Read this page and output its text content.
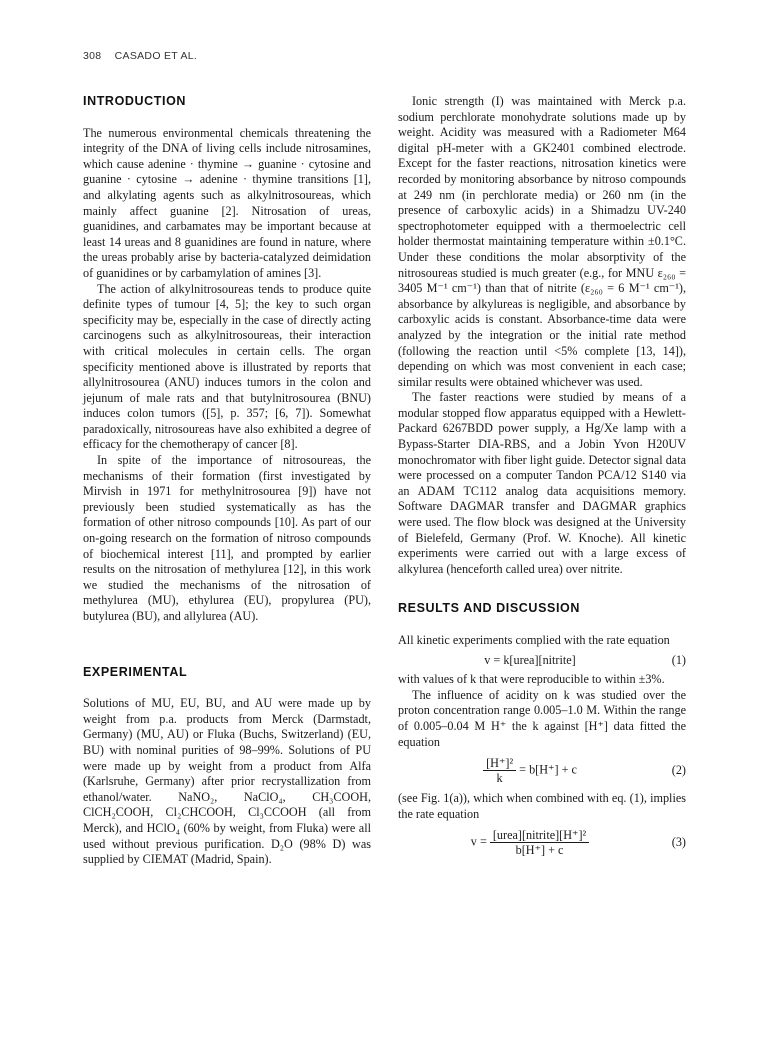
308 CASADO ET AL.
INTRODUCTION

The numerous environmental chemicals threatening the integrity of the DNA of living cells include nitrosamines, which cause adenine · thymine → guanine · cytosine and guanine · cytosine → adenine · thymine transitions [1], and alkylating agents such as alkylnitrosoureas, which mainly affect guanine [2]. Nitrosation of ureas, guanidines, and carbamates may be important because at least 14 ureas and 8 guanidines are found in nature, where the ureas probably arise by bacteria-catalyzed deimidation of guanidines or by carbamylation of amines [3].

The action of alkylnitrosoureas tends to produce quite definite types of tumour [4, 5]; the key to such organ specificity may be, especially in the case of directly acting carcinogens such as alkylnitrosoureas, their interaction with critical molecules in certain cells. The organ specificity mentioned above is illustrated by reports that allylnitrosourea (ANU) induces tumors in the colon and jejunum of male rats and that butylnitrosourea (BNU) induces colon tumors ([5], p. 357; [6, 7]). Somewhat paradoxically, nitrosoureas have also exhibited a degree of efficacy for the chemotherapy of cancer [8].

In spite of the importance of nitrosoureas, the mechanisms of their formation (first investigated by Mirvish in 1971 for methylnitrosourea [9]) have not previously been studied systematically as has the formation of other nitroso compounds [10]. As part of our on-going research on the formation of nitroso compounds of biochemical interest [11], and prompted by earlier results on the nitrosation of methylurea [12], in this work we studied the mechanisms of the nitrosation of methylurea (MU), ethylurea (EU), propylurea (PU), butylurea (BU), and allylurea (AU).

EXPERIMENTAL

Solutions of MU, EU, BU, and AU were made up by weight from p.a. products from Merck (Darmstadt, Germany) (MU, AU) or Fluka (Buchs, Switzerland) (EU, BU) with nominal purities of 98–99%. Solutions of PU were made up by weight from a product from Alfa (Karlsruhe, Germany) after prior recrystallization from ethanol/water. NaNO₂, NaClO₄, CH₃COOH, ClCH₂COOH, Cl₂CHCOOH, Cl₃CCOOH (all from Merck), and HClO₄ (60% by weight, from Fluka) were all used without previous purification. D₂O (98% D) was supplied by CIEMAT (Madrid, Spain).

Ionic strength (I) was maintained with Merck p.a. sodium perchlorate monohydrate solutions made up by weight. Acidity was measured with a Radiometer M64 digital pH-meter with a GK2401 combined electrode. Except for the faster reactions, nitrosation kinetics were recorded by monitoring absorbance by nitroso compounds at 249 nm (in perchlorate media) or 260 nm (in the presence of carboxylic acids) in a Shimadzu UV-240 spectrophotometer equipped with a thermoelectric cell holder thermostat maintaining temperature within ±0.1°C. Under these conditions the molar absorptivity of the nitrosoureas studied is much greater (e.g., for MNU ε₂₆₀ = 3405 M⁻¹ cm⁻¹) than that of nitrite (ε₂₆₀ = 6 M⁻¹ cm⁻¹), absorbance by alkylureas is negligible, and absorbance by carboxylic acids is constant. Absorbance-time data were analyzed by the integration or the initial rate method (following the reaction until <5% complete [13, 14]), depending on which was most convenient in each case; similar results were obtained whichever was used.

The faster reactions were studied by means of a modular stopped flow apparatus equipped with a Hewlett-Packard 6267BDD power supply, a Hg/Xe lamp with a Bypass-Starter DIA-RBS, and a Jobin Yvon H20UV monochromator with fiber light guide. Detector signal data were processed on a computer Tandon PCA/12 S140 via an ADAM TC112 analog data acquisitions memory. Software DAGMAR transfer and DAGMAR graphics were used. The flow block was designed at the University of Bielefeld, Germany (Prof. W. Knoche). All kinetic experiments were carried out with a large excess of alkylurea (henceforth called urea) over nitrite.

RESULTS AND DISCUSSION

All kinetic experiments complied with the rate equation

v = k[urea][nitrite]	(1)

with values of k that were reproducible to within ±3%.

The influence of acidity on k was studied over the proton concentration range 0.005–1.0 M. Within the range of 0.005–0.04 M H⁺ the k against [H⁺] data fitted the equation

$\frac{\text{[H⁺]²}}{k} = b[H^+] + c$	(2)

(see Fig. 1(a)), which when combined with eq. (1), implies the rate equation

$v = \frac{\text{[urea][nitrite][H⁺]²}}{b[H^+] + c}$	(3)
